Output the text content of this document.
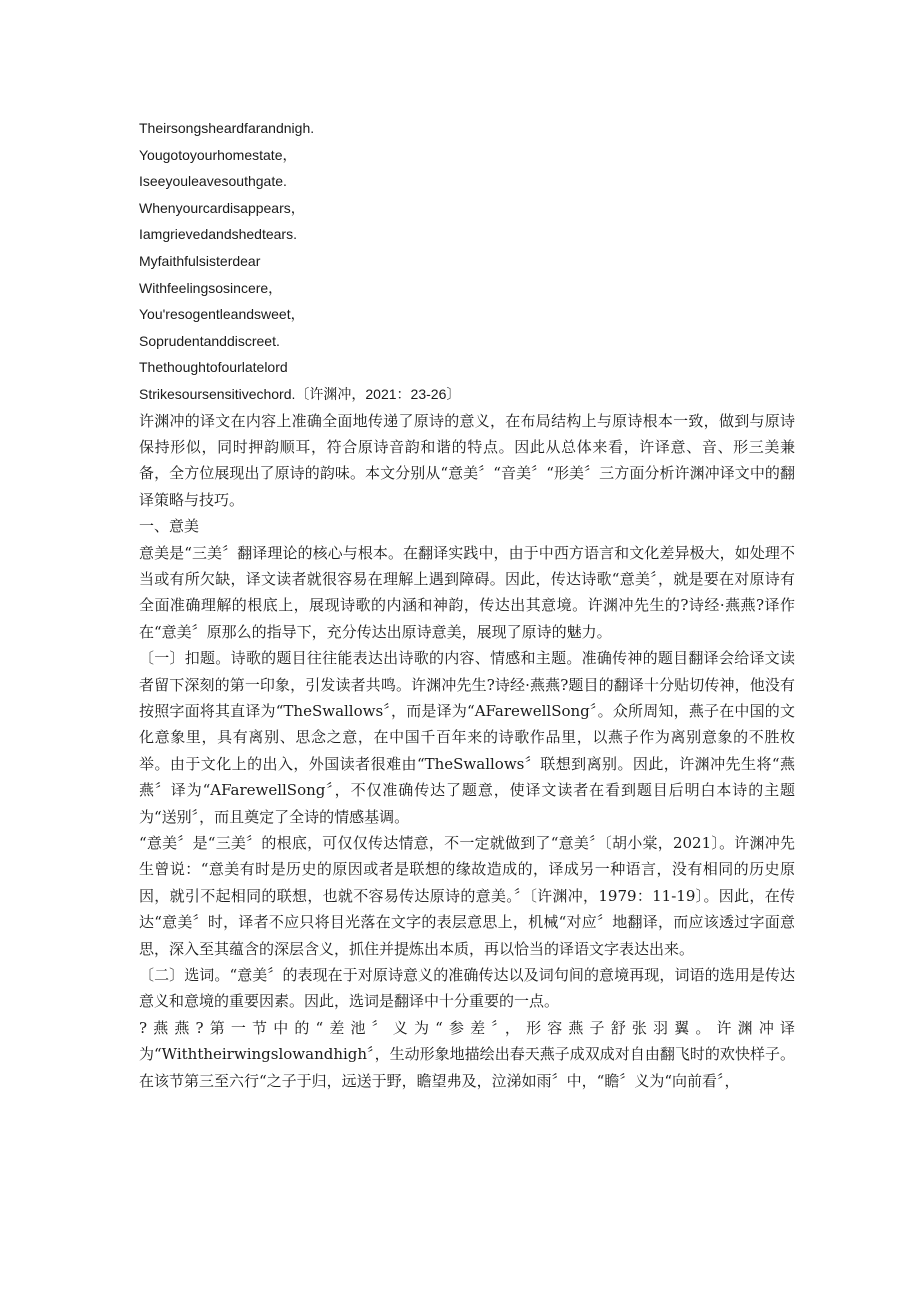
Theirsongsheardfarandnigh.

Yougotoyourhomestate，

Iseeyouleavesouthgate.

Whenyourcardisappears，

Iamgrievedandshedtears.

Myfaithfulsisterdear

Withfeelingsosincere，

You'resogentleandsweet，

Soprudentanddiscreet.

Thethoughtofourlatelord

Strikesoursensitivechord.〔许渊冲，2021：23-26〕

许渊冲的译文在内容上准确全面地传递了原诗的意义，在布局结构上与原诗根本一致，做到与原诗保持形似，同时押韵顺耳，符合原诗音韵和谐的特点。因此从总体来看，许译意、音、形三美兼备，全方位展现出了原诗的韵味。本文分别从“意美〞“音美〞“形美〞三方面分析许渊冲译文中的翻译策略与技巧。

一、意美

意美是“三美〞翻译理论的核心与根本。在翻译实践中，由于中西方语言和文化差异极大，如处理不当或有所欠缺，译文读者就很容易在理解上遇到障碍。因此，传达诗歌“意美〞，就是要在对原诗有全面准确理解的根底上，展现诗歌的内涵和神韵，传达出其意境。许渊冲先生的?诗经·燕燕?译作在“意美〞原那么的指导下，充分传达出原诗意美，展现了原诗的魅力。

〔一〕扣题。诗歌的题目往往能表达出诗歌的内容、情感和主题。准确传神的题目翻译会给译文读者留下深刻的第一印象，引发读者共鸣。许渊冲先生?诗经·燕燕?题目的翻译十分贴切传神，他没有按照字面将其直译为“TheSwallows〞，而是译为“AFarewellSong〞。众所周知，燕子在中国的文化意象里，具有离别、思念之意，在中国千百年来的诗歌作品里，以燕子作为离别意象的不胜枚举。由于文化上的出入，外国读者很难由“TheSwallows〞联想到离别。因此，许渊冲先生将“燕燕〞译为“AFarewellSong〞，不仅准确传达了题意，使译文读者在看到题目后明白本诗的主题为“送别〞，而且奠定了全诗的情感基调。

“意美〞是“三美〞的根底，可仅仅传达情意，不一定就做到了“意美〞〔胡小棠，2021〕。许渊冲先生曾说：“意美有时是历史的原因或者是联想的缘故造成的，译成另一种语言，没有相同的历史原因，就引不起相同的联想，也就不容易传达原诗的意美。〞〔许渊冲，1979：11-19〕。因此，在传达“意美〞时，译者不应只将目光落在文字的表层意思上，机械“对应〞地翻译，而应该透过字面意思，深入至其蕴含的深层含义，抓住并提炼出本质，再以恰当的译语文字表达出来。

〔二〕选词。“意美〞的表现在于对原诗意义的准确传达以及词句间的意境再现，词语的选用是传达意义和意境的重要因素。因此，选词是翻译中十分重要的一点。

?燕燕?第一节中的“差池〞义为“参差〞，形容燕子舒张羽翼。许渊冲译为“Withtheirwingslowandhigh〞，生动形象地描绘出春天燕子成双成对自由翻飞时的欢快样子。在该节第三至六行“之子于归，远送于野，瞻望弗及，泣涕如雨〞中，“瞻〞义为“向前看〞，
